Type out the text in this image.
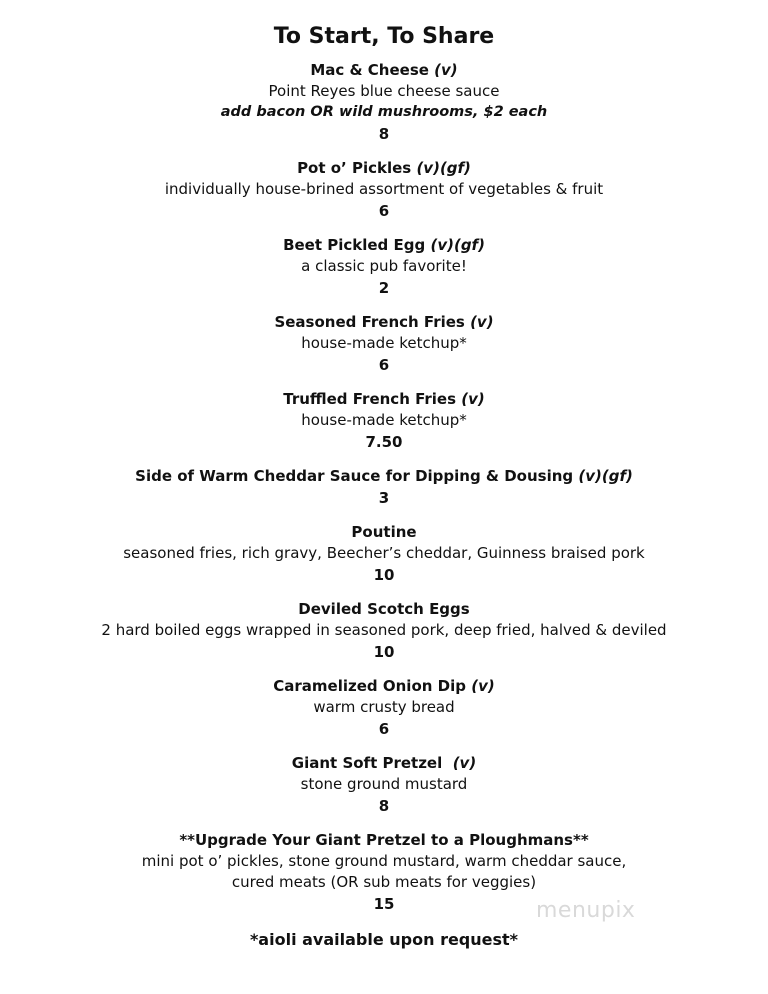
To Start, To Share
Mac & Cheese (v)
Point Reyes blue cheese sauce
add bacon OR wild mushrooms, $2 each
8
Pot o’ Pickles (v)(gf)
individually house-brined assortment of vegetables & fruit
6
Beet Pickled Egg (v)(gf)
a classic pub favorite!
2
Seasoned French Fries (v)
house-made ketchup*
6
Truffled French Fries (v)
house-made ketchup*
7.50
Side of Warm Cheddar Sauce for Dipping & Dousing (v)(gf)
3
Poutine
seasoned fries, rich gravy, Beecher’s cheddar, Guinness braised pork
10
Deviled Scotch Eggs
2 hard boiled eggs wrapped in seasoned pork, deep fried, halved & deviled
10
Caramelized Onion Dip (v)
warm crusty bread
6
Giant Soft Pretzel  (v)
stone ground mustard
8
**Upgrade Your Giant Pretzel to a Ploughmans**
mini pot o’ pickles, stone ground mustard, warm cheddar sauce,
cured meats (OR sub meats for veggies)
15
*aioli available upon request*
menupix
